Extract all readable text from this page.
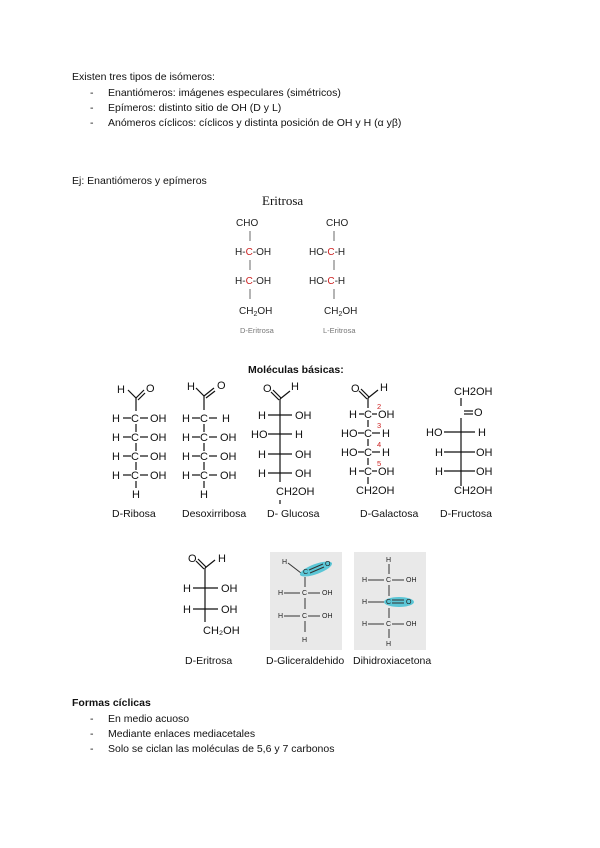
Existen tres tipos de isómeros:
- Enantiómeros: imágenes especulares (simétricos)
- Epímeros: distinto sitio de OH (D y L)
- Anómeros cíclicos: cíclicos y distinta posición de OH y H (α yβ)
Ej: Enantiómeros y epímeros
Eritrosa
CHO
H-C-OH
H-C-OH
$CH_2OH$
CHO
HO-C-H
HO-C-H
$CH_2OH$
D-Eritrosa	L-Eritrosa
Moléculas básicas:
H O
H C OH
H C OH
H C OH
H C OH
H
D-Ribosa
H O
H C H
H C OH
H C OH
H C OH
H
Desoxirribosa
O H
H	OH
HO	H
H	OH
H	OH
CH2OH
D- Glucosa
O H
H C OH
2
HO C H
3
HO C H
4
H C OH
5
CH2OH
D-Galactosa
CH2OH
O
HO	H
H	OH
H	OH
CH2OH
D-Fructosa
O H
H	OH
H	OH
CH₂OH
D-Eritrosa
H
C
O
H	C OH
H	C OH
H
D-Gliceraldehido
H
H	C OH
H	C O
H	C OH
H
Dihidroxiacetona
Formas cíclicas
- En medio acuoso
- Mediante enlaces mediacetales
- Solo se ciclan las moléculas de 5,6 y 7 carbonos
